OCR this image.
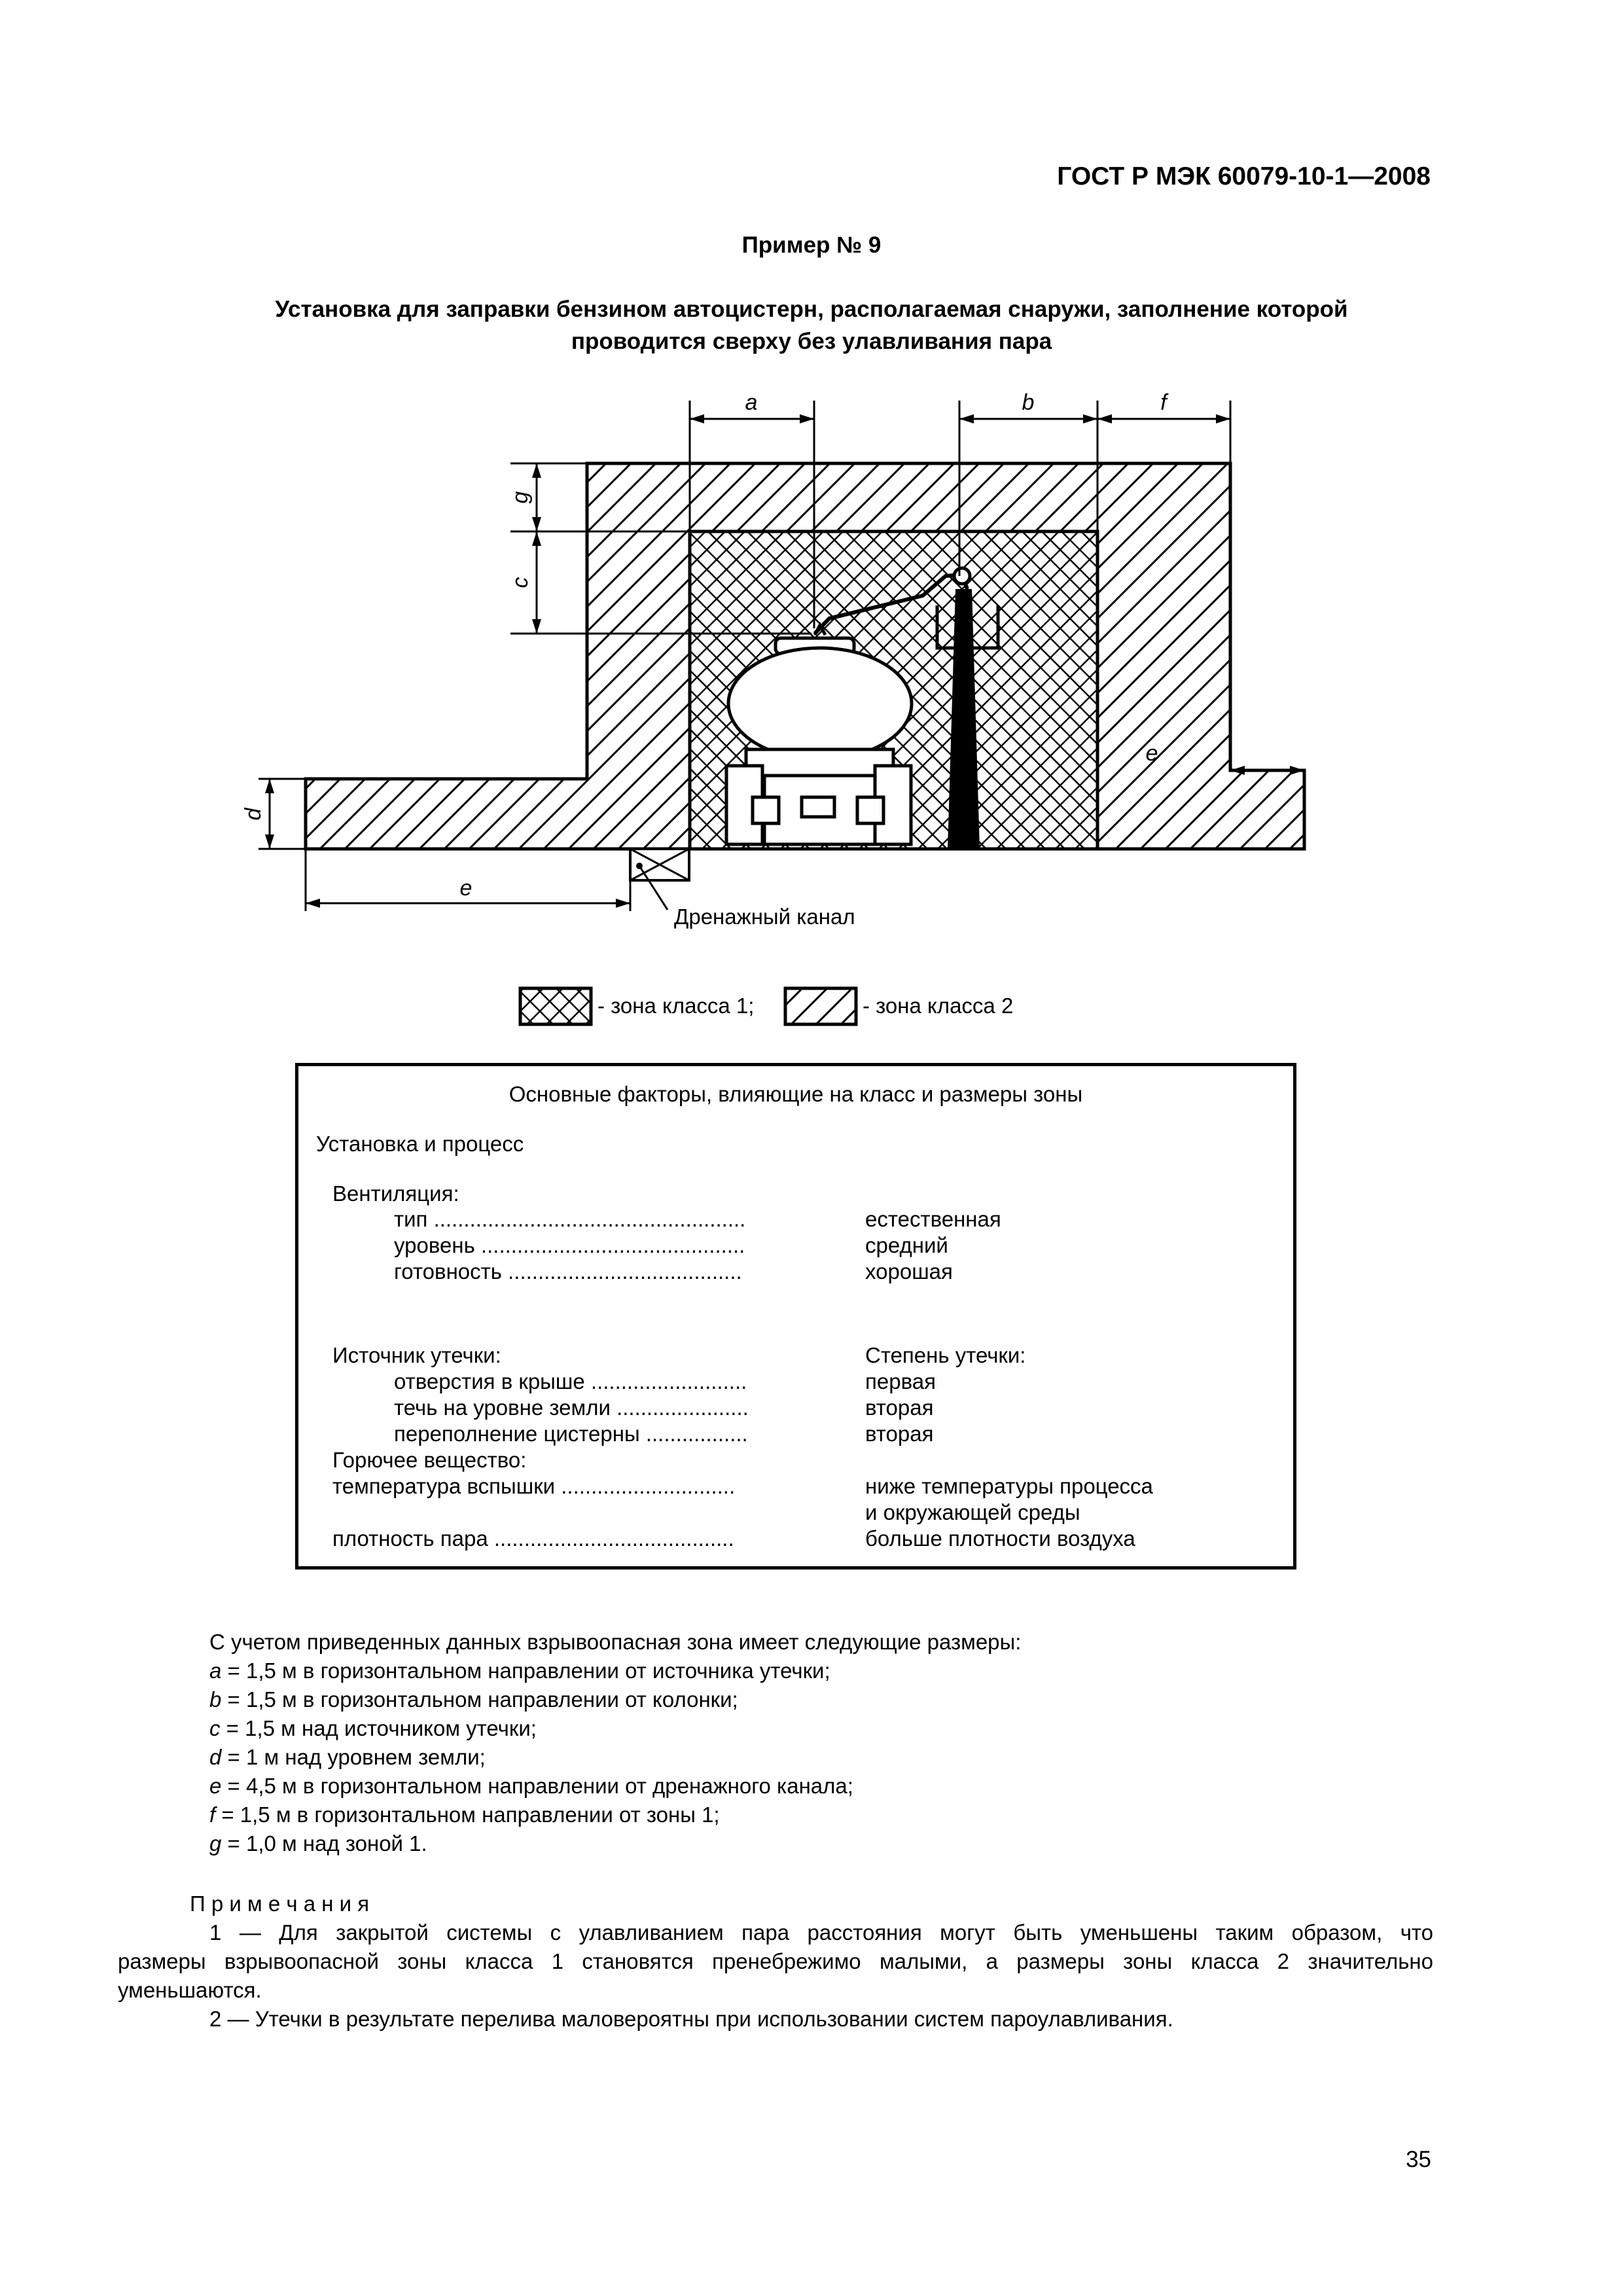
ГОСТ Р МЭК 60079-10-1—2008
Пример № 9
Установка для заправки бензином автоцистерн, располагаемая снаружи, заполнение которой
проводится сверху без улавливания пара
a	b	f
e
e
g
c
d
Дренажный канал
- зона класса 1;	- зона класса 2
Основные факторы, влияющие на класс и размеры зоны
Установка и процесс
Вентиляция:
тип ....................................................	естественная
уровень ............................................	средний
готовность .......................................	хорошая
Источник утечки:	Степень утечки:
отверстия в крыше ..........................	первая
течь на уровне земли ......................	вторая
переполнение цистерны .................	вторая
Горючее вещество:
температура вспышки .............................	ниже температуры процесса
и окружающей среды
плотность пара ........................................	больше плотности воздуха
С учетом приведенных данных взрывоопасная зона имеет следующие размеры:
a = 1,5 м в горизонтальном направлении от источника утечки;
b = 1,5 м в горизонтальном направлении от колонки;
c = 1,5 м над источником утечки;
d = 1 м над уровнем земли;
e = 4,5 м в горизонтальном направлении от дренажного канала;
f = 1,5 м в горизонтальном направлении от зоны 1;
g = 1,0 м над зоной 1.
П р и м е ч а н и я
1 — Для закрытой системы с улавливанием пара расстояния могут быть уменьшены таким образом, что
размеры взрывоопасной зоны класса 1 становятся пренебрежимо малыми, а размеры зоны класса 2 значительно
уменьшаются.
2 — Утечки в результате перелива маловероятны при использовании систем пароулавливания.
35
